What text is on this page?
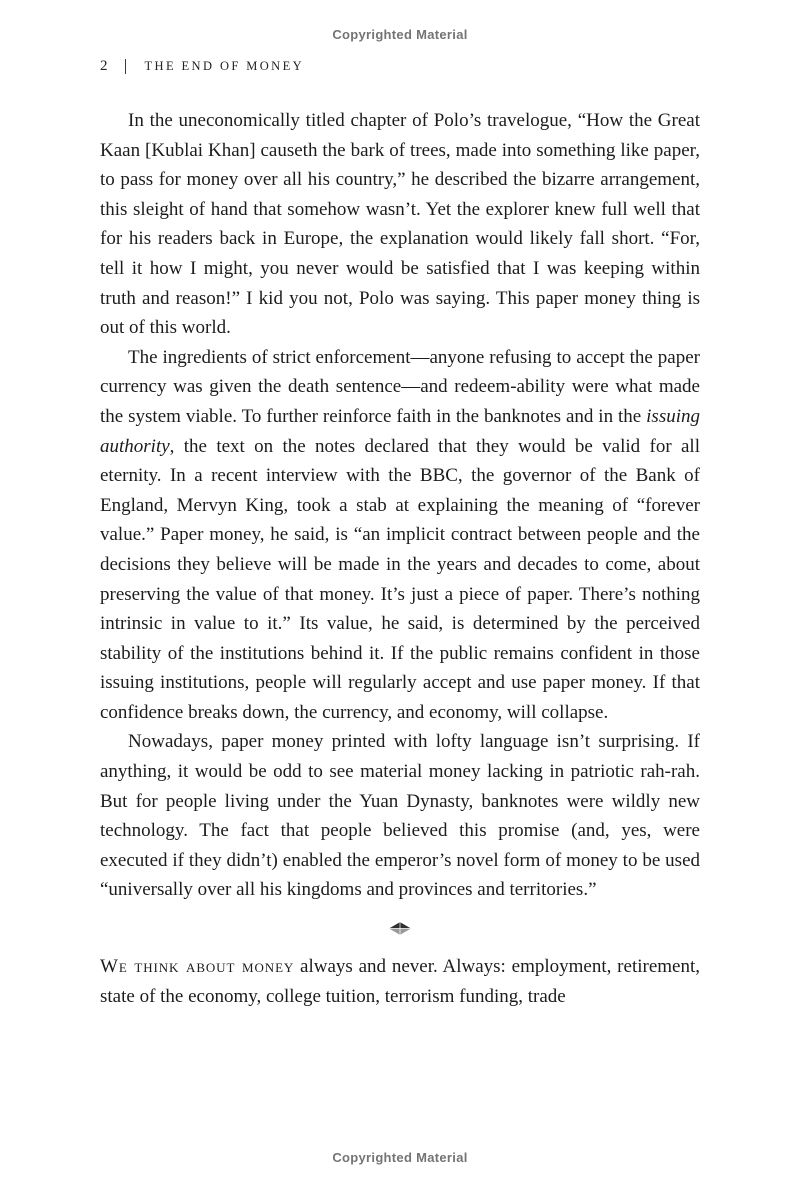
Copyrighted Material
2	THE END OF MONEY

In the uneconomically titled chapter of Polo’s travelogue, “How the Great Kaan [Kublai Khan] causeth the bark of trees, made into something like paper, to pass for money over all his country,” he described the bizarre arrangement, this sleight of hand that somehow wasn’t. Yet the explorer knew full well that for his readers back in Europe, the explanation would likely fall short. “For, tell it how I might, you never would be satisfied that I was keeping within truth and reason!” I kid you not, Polo was saying. This paper money thing is out of this world.

The ingredients of strict enforcement—anyone refusing to accept the paper currency was given the death sentence—and redeem-ability were what made the system viable. To further reinforce faith in the banknotes and in the issuing authority, the text on the notes declared that they would be valid for all eternity. In a recent interview with the BBC, the governor of the Bank of England, Mervyn King, took a stab at explaining the meaning of “forever value.” Paper money, he said, is “an implicit contract between people and the decisions they believe will be made in the years and decades to come, about preserving the value of that money. It’s just a piece of paper. There’s nothing intrinsic in value to it.” Its value, he said, is determined by the perceived stability of the institutions behind it. If the public remains confident in those issuing institutions, people will regularly accept and use paper money. If that confidence breaks down, the currency, and economy, will collapse.

Nowadays, paper money printed with lofty language isn’t surprising. If anything, it would be odd to see material money lacking in patriotic rah-rah. But for people living under the Yuan Dynasty, banknotes were wildly new technology. The fact that people believed this promise (and, yes, were executed if they didn’t) enabled the emperor’s novel form of money to be used “universally over all his kingdoms and provinces and territories.”

We think about money always and never. Always: employment, retirement, state of the economy, college tuition, terrorism funding, trade

Copyrighted Material
